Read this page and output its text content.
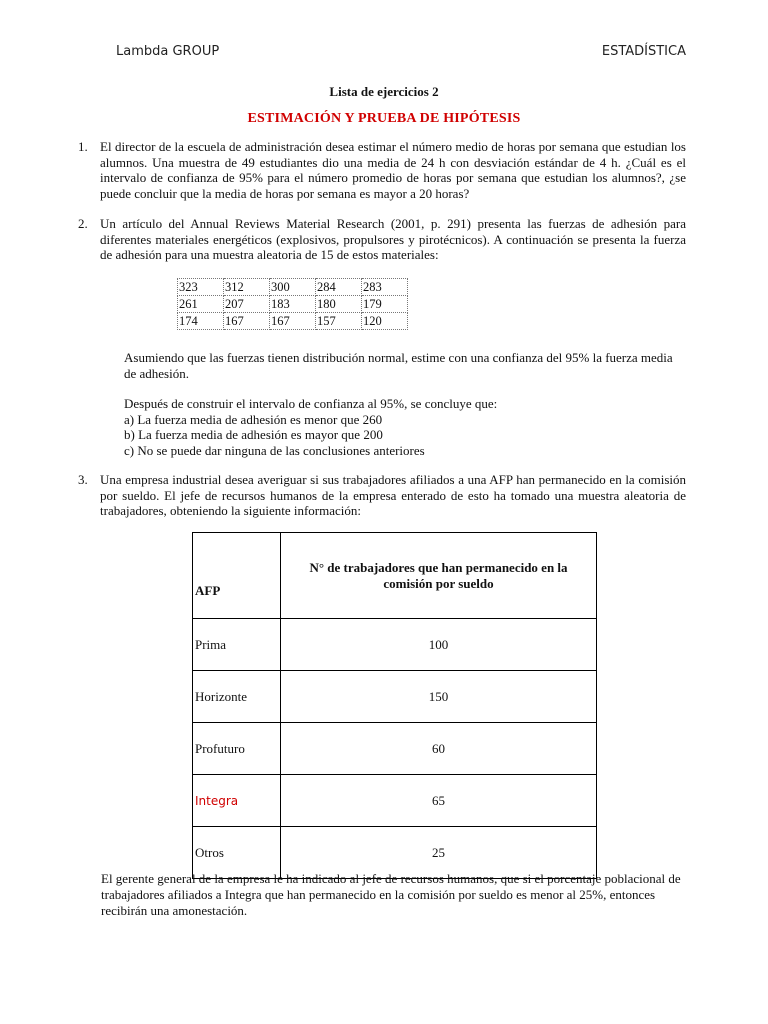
Lambda GROUP	ESTADÍSTICA
Lista de ejercicios 2
ESTIMACIÓN Y PRUEBA DE HIPÓTESIS
1. El director de la escuela de administración desea estimar el número medio de horas por semana que estudian los alumnos. Una muestra de 49 estudiantes dio una media de 24 h con desviación estándar de 4 h. ¿Cuál es el intervalo de confianza de 95% para el número promedio de horas por semana que estudian los alumnos?, ¿se puede concluir que la media de horas por semana es mayor a 20 horas?

2. Un artículo del Annual Reviews Material Research (2001, p. 291) presenta las fuerzas de adhesión para diferentes materiales energéticos (explosivos, propulsores y pirotécnicos). A continuación se presenta la fuerza de adhesión para una muestra aleatoria de 15 de estos materiales:

323	312	300	284	283
261	207	183	180	179
174	167	167	157	120

Asumiendo que las fuerzas tienen distribución normal, estime con una confianza del 95% la fuerza media de adhesión.

Después de construir el intervalo de confianza al 95%, se concluye que:

a) La fuerza media de adhesión es menor que 260

b) La fuerza media de adhesión es mayor que 200

c) No se puede dar ninguna de las conclusiones anteriores

3. Una empresa industrial desea averiguar si sus trabajadores afiliados a una AFP han permanecido en la comisión por sueldo. El jefe de recursos humanos de la empresa enterado de esto ha tomado una muestra aleatoria de trabajadores, obteniendo la siguiente información:

AFP	N° de trabajadores que han permanecido en la comisión por sueldo
Prima	100
Horizonte	150
Profuturo	60
Integra	65
Otros	25
El gerente general de la empresa le ha indicado al jefe de recursos humanos, que si el porcentaje poblacional de trabajadores afiliados a Integra que han permanecido en la comisión por sueldo es menor al 25%, entonces recibirán una amonestación.
